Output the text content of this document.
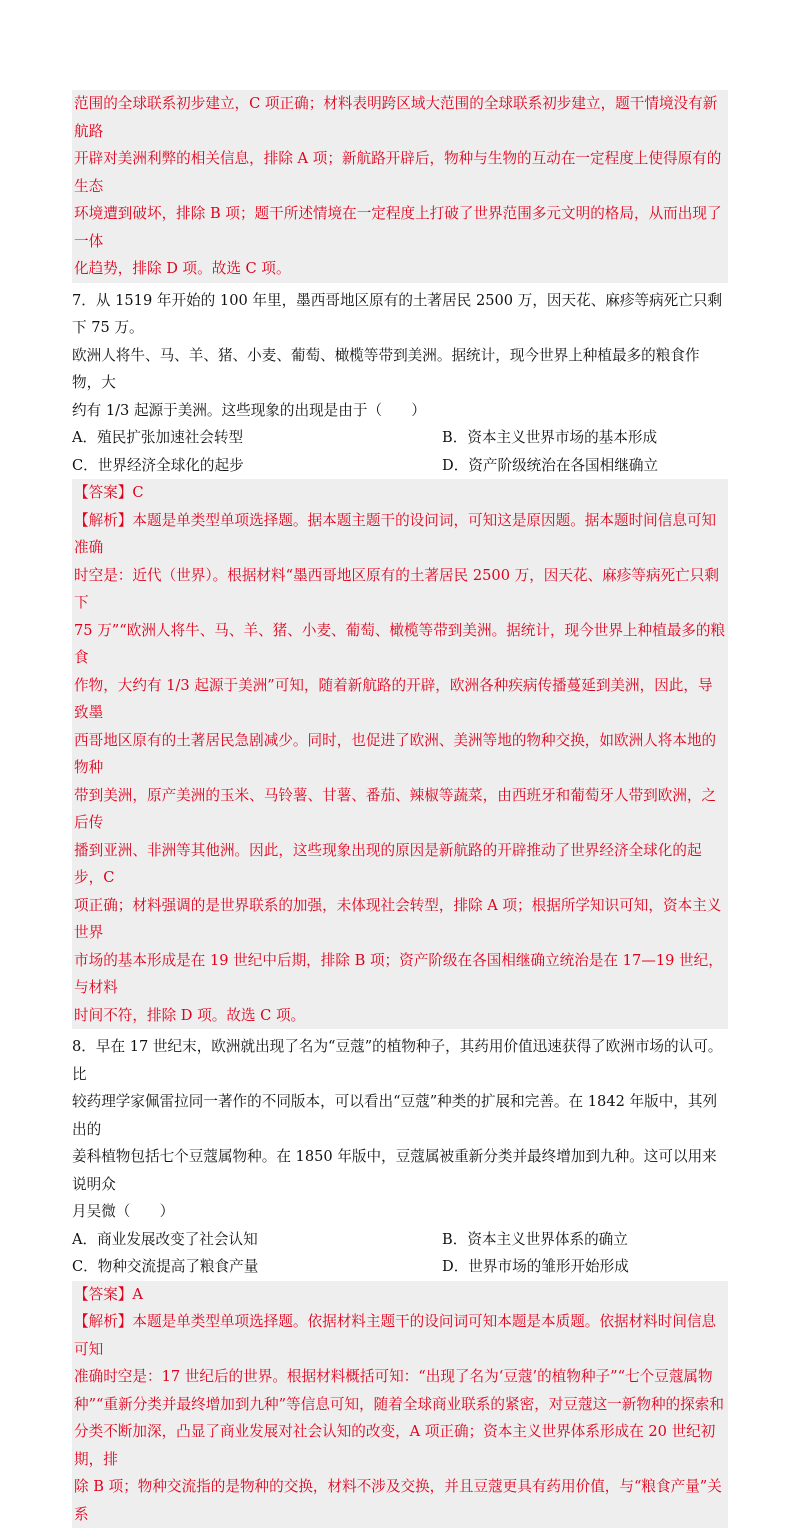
范围的全球联系初步建立，C 项正确；材料表明跨区域大范围的全球联系初步建立，题干情境没有新航路

开辟对美洲利弊的相关信息，排除 A 项；新航路开辟后，物种与生物的互动在一定程度上使得原有的生态

环境遭到破坏，排除 B 项；题干所述情境在一定程度上打破了世界范围多元文明的格局，从而出现了一体

化趋势，排除 D 项。故选 C 项。

7．从 1519 年开始的 100 年里，墨西哥地区原有的土著居民 2500 万，因天花、麻疹等病死亡只剩下 75 万。

欧洲人将牛、马、羊、猪、小麦、葡萄、橄榄等带到美洲。据统计，现今世界上种植最多的粮食作物，大

约有 1/3 起源于美洲。这些现象的出现是由于（　　）

A．殖民扩张加速社会转型	B．资本主义世界市场的基本形成
C．世界经济全球化的起步	D．资产阶级统治在各国相继确立

【答案】C

【解析】本题是单类型单项选择题。据本题主题干的设问词，可知这是原因题。据本题时间信息可知准确

时空是：近代（世界）。根据材料“墨西哥地区原有的土著居民 2500 万，因天花、麻疹等病死亡只剩下

75 万”“欧洲人将牛、马、羊、猪、小麦、葡萄、橄榄等带到美洲。据统计，现今世界上种植最多的粮食

作物，大约有 1/3 起源于美洲”可知，随着新航路的开辟，欧洲各种疾病传播蔓延到美洲，因此，导致墨

西哥地区原有的土著居民急剧减少。同时，也促进了欧洲、美洲等地的物种交换，如欧洲人将本地的物种

带到美洲，原产美洲的玉米、马铃薯、甘薯、番茄、辣椒等蔬菜，由西班牙和葡萄牙人带到欧洲，之后传

播到亚洲、非洲等其他洲。因此，这些现象出现的原因是新航路的开辟推动了世界经济全球化的起步，C

项正确；材料强调的是世界联系的加强，未体现社会转型，排除 A 项；根据所学知识可知，资本主义世界

市场的基本形成是在 19 世纪中后期，排除 B 项；资产阶级在各国相继确立统治是在 17—19 世纪，与材料

时间不符，排除 D 项。故选 C 项。

8．早在 17 世纪末，欧洲就出现了名为“豆蔻”的植物种子，其药用价值迅速获得了欧洲市场的认可。比

较药理学家佩雷拉同一著作的不同版本，可以看出“豆蔻”种类的扩展和完善。在 1842 年版中，其列出的

姜科植物包括七个豆蔻属物种。在 1850 年版中，豆蔻属被重新分类并最终增加到九种。这可以用来说明众

月吴微（　　）

A．商业发展改变了社会认知	B．资本主义世界体系的确立
C．物种交流提高了粮食产量	D．世界市场的雏形开始形成

【答案】A

【解析】本题是单类型单项选择题。依据材料主题干的设问词可知本题是本质题。依据材料时间信息可知

准确时空是：17 世纪后的世界。根据材料概括可知：“出现了名为‘豆蔻’的植物种子”“七个豆蔻属物

种”“重新分类并最终增加到九种”等信息可知，随着全球商业联系的紧密，对豆蔻这一新物种的探索和

分类不断加深，凸显了商业发展对社会认知的改变，A 项正确；资本主义世界体系形成在 20 世纪初期，排

除 B 项；物种交流指的是物种的交换，材料不涉及交换，并且豆蔻更具有药用价值，与“粮食产量”关系
